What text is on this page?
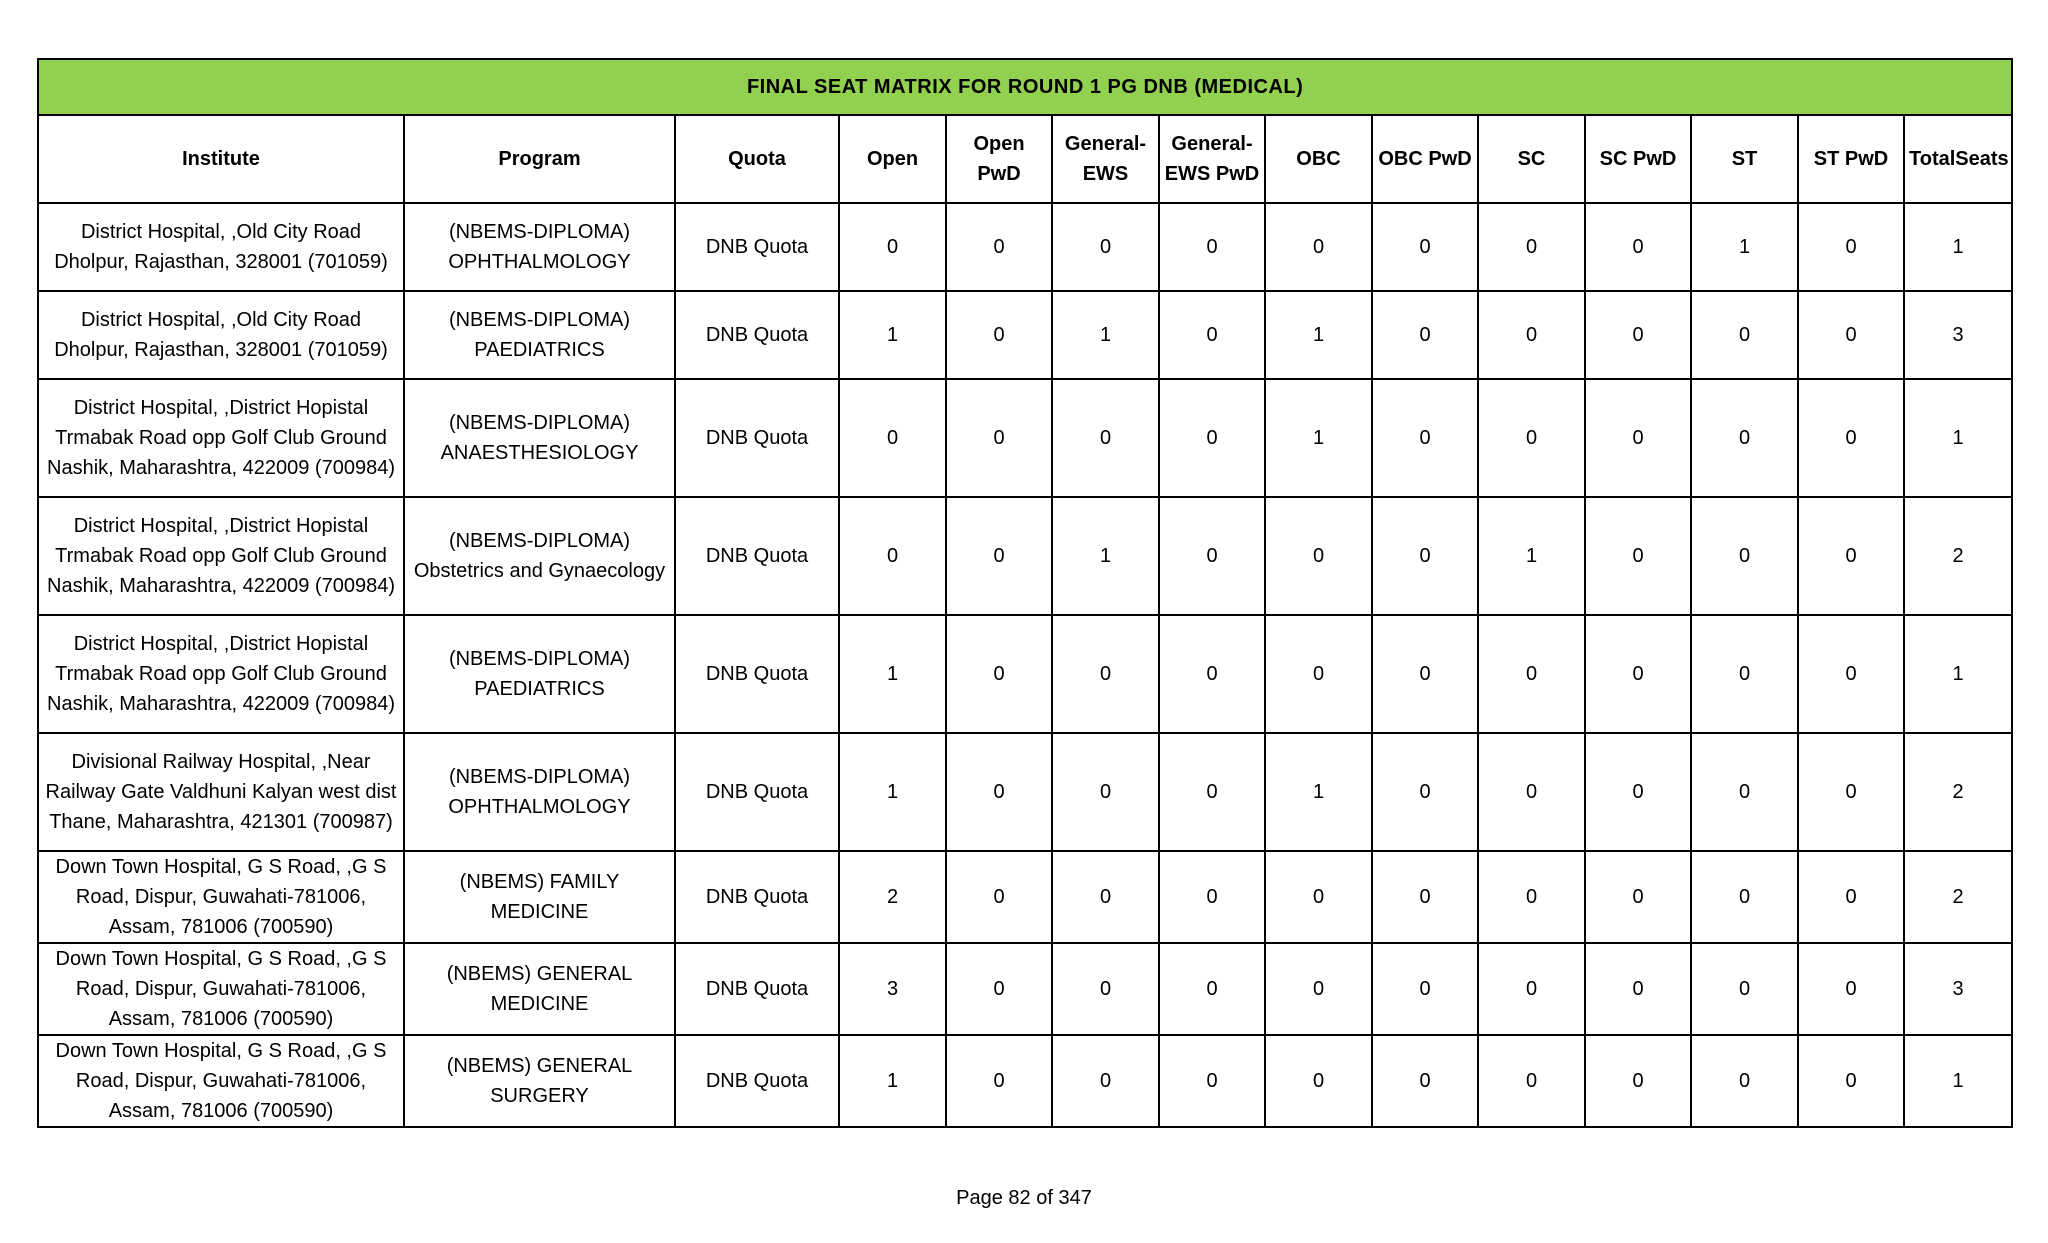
FINAL SEAT MATRIX FOR ROUND 1 PG DNB (MEDICAL)													
Institute	Program	Quota	Open	Open PwD	General-EWS	General-EWS PwD	OBC	OBC PwD	SC	SC PwD	ST	ST PwD	TotalSeats
District Hospital, ,Old City Road Dholpur, Rajasthan, 328001 (701059)	(NBEMS-DIPLOMA) OPHTHALMOLOGY	DNB Quota	0	0	0	0	0	0	0	0	1	0	1
District Hospital, ,Old City Road Dholpur, Rajasthan, 328001 (701059)	(NBEMS-DIPLOMA) PAEDIATRICS	DNB Quota	1	0	1	0	1	0	0	0	0	0	3
District Hospital, ,District Hopistal Trmabak Road opp Golf Club Ground Nashik, Maharashtra, 422009 (700984)	(NBEMS-DIPLOMA) ANAESTHESIOLOGY	DNB Quota	0	0	0	0	1	0	0	0	0	0	1
District Hospital, ,District Hopistal Trmabak Road opp Golf Club Ground Nashik, Maharashtra, 422009 (700984)	(NBEMS-DIPLOMA) Obstetrics and Gynaecology	DNB Quota	0	0	1	0	0	0	1	0	0	0	2
District Hospital, ,District Hopistal Trmabak Road opp Golf Club Ground Nashik, Maharashtra, 422009 (700984)	(NBEMS-DIPLOMA) PAEDIATRICS	DNB Quota	1	0	0	0	0	0	0	0	0	0	1
Divisional Railway Hospital, ,Near Railway Gate Valdhuni Kalyan west dist Thane, Maharashtra, 421301 (700987)	(NBEMS-DIPLOMA) OPHTHALMOLOGY	DNB Quota	1	0	0	0	1	0	0	0	0	0	2
Down Town Hospital, G S Road, ,G S Road, Dispur, Guwahati-781006, Assam, 781006 (700590)	(NBEMS) FAMILY MEDICINE	DNB Quota	2	0	0	0	0	0	0	0	0	0	2
Down Town Hospital, G S Road, ,G S Road, Dispur, Guwahati-781006, Assam, 781006 (700590)	(NBEMS) GENERAL MEDICINE	DNB Quota	3	0	0	0	0	0	0	0	0	0	3
Down Town Hospital, G S Road, ,G S Road, Dispur, Guwahati-781006, Assam, 781006 (700590)	(NBEMS) GENERAL SURGERY	DNB Quota	1	0	0	0	0	0	0	0	0	0	1
Page 82 of 347
